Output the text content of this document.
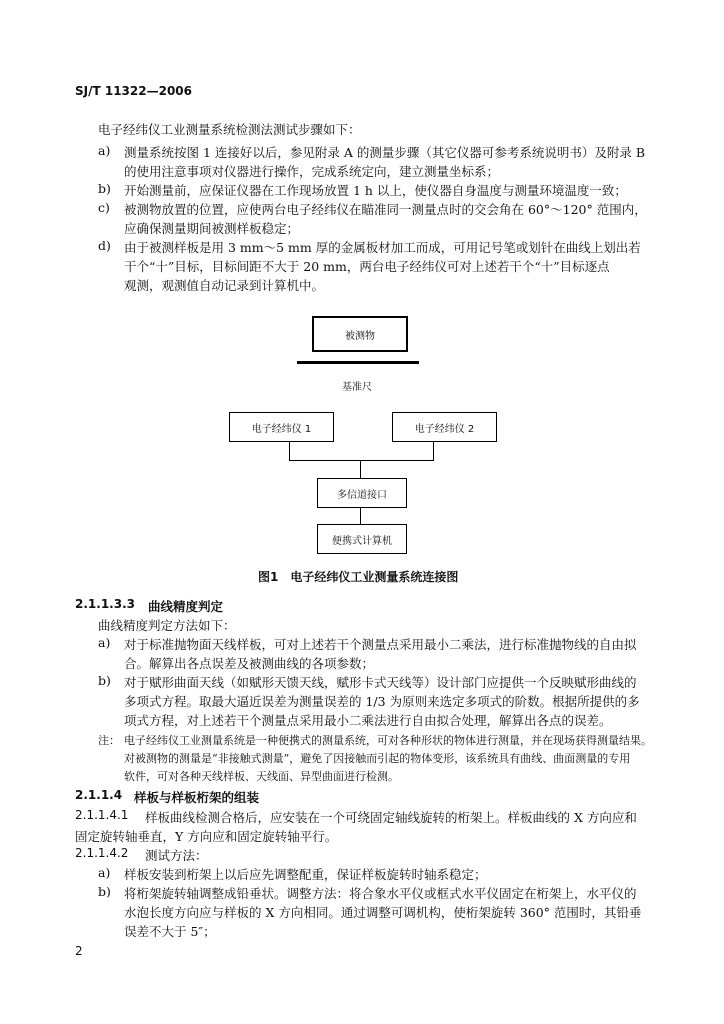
SJ/T 11322—2006
电子经纬仪工业测量系统检测法测试步骤如下：
a) 测量系统按图 1 连接好以后，参见附录 A 的测量步骤（其它仪器可参考系统说明书）及附录 B
的使用注意事项对仪器进行操作，完成系统定向，建立测量坐标系；
b) 开始测量前，应保证仪器在工作现场放置 1 h 以上，使仪器自身温度与测量环境温度一致；
c) 被测物放置的位置，应使两台电子经纬仪在瞄准同一测量点时的交会角在 60°～120° 范围内，
应确保测量期间被测样板稳定；
d) 由于被测样板是用 3 mm～5 mm 厚的金属板材加工而成，可用记号笔或划针在曲线上划出若
干个“十”目标，目标间距不大于 20 mm，两台电子经纬仪可对上述若干个“十”目标逐点
观测，观测值自动记录到计算机中。
被测物
基准尺
电子经纬仪 1	电子经纬仪 2
多信道接口
便携式计算机
图1　电子经纬仪工业测量系统连接图
2.1.1.3.3 曲线精度判定
曲线精度判定方法如下：
a) 对于标准抛物面天线样板，可对上述若干个测量点采用最小二乘法，进行标准抛物线的自由拟
合。解算出各点误差及被测曲线的各项参数；
b) 对于赋形曲面天线（如赋形天馈天线，赋形卡式天线等）设计部门应提供一个反映赋形曲线的
多项式方程。取最大逼近误差为测量误差的 1/3 为原则来选定多项式的阶数。根据所提供的多
项式方程，对上述若干个测量点采用最小二乘法进行自由拟合处理，解算出各点的误差。
注： 电子经纬仪工业测量系统是一种便携式的测量系统，可对各种形状的物体进行测量，并在现场获得测量结果。
对被测物的测量是“非接触式测量”，避免了因接触而引起的物体变形，该系统具有曲线、曲面测量的专用
软件，可对各种天线样板、天线面、异型曲面进行检测。
2.1.1.4 样板与样板桁架的组装
2.1.1.4.1 样板曲线检测合格后，应安装在一个可绕固定轴线旋转的桁架上。样板曲线的 X 方向应和
固定旋转轴垂直，Y 方向应和固定旋转轴平行。
2.1.1.4.2 测试方法：
a) 样板安装到桁架上以后应先调整配重，保证样板旋转时轴系稳定；
b) 将桁架旋转轴调整成铅垂状。调整方法：将合象水平仪或框式水平仪固定在桁架上，水平仪的
水泡长度方向应与样板的 X 方向相同。通过调整可调机构，使桁架旋转 360° 范围时，其铅垂
误差不大于 5″；
2
